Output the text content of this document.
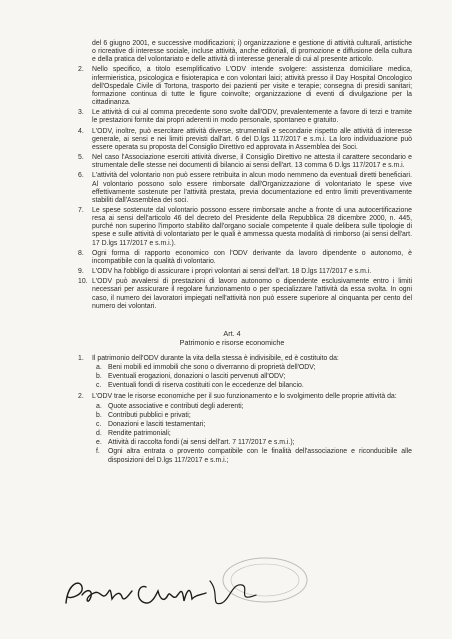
del 6 giugno 2001, e successive modificazioni; i) organizzazione e gestione di attività culturali, artistiche o ricreative di interesse sociale, incluse attività, anche editoriali, di promozione e diffusione della cultura e della pratica del volontariato e delle attività di interesse generale di cui al presente articolo.

2. Nello specifico, a titolo esemplificativo L'ODV intende svolgere: assistenza domiciliare medica, infermieristica, psicologica e fisioterapica e con volontari laici; attività presso il Day Hospital Oncologico dell'Ospedale Civile di Tortona, trasporto dei pazienti per visite e terapie; consegna di presidi sanitari; formazione continua di tutte le figure coinvolte; organizzazione di eventi di divulgazione per la cittadinanza.
3. Le attività di cui al comma precedente sono svolte dall'ODV, prevalentemente a favore di terzi e tramite le prestazioni fornite dai propri aderenti in modo personale, spontaneo e gratuito.
4. L'ODV, inoltre, può esercitare attività diverse, strumentali e secondarie rispetto alle attività di interesse generale, ai sensi e nei limiti previsti dall'art. 6 del D.lgs 117/2017 e s.m.i. La loro individuazione può essere operata su proposta del Consiglio Direttivo ed approvata in Assemblea dei Soci.
5. Nel caso l'Associazione eserciti attività diverse, il Consiglio Direttivo ne attesta il carattere secondario e strumentale delle stesse nei documenti di bilancio ai sensi dell'art. 13 comma 6 D.lgs 117/2017 e s.m.i.
6. L'attività del volontario non può essere retribuita in alcun modo nemmeno da eventuali diretti beneficiari. Al volontario possono solo essere rimborsate dall'Organizzazione di volontariato le spese vive effettivamente sostenute per l'attività prestata, previa documentazione ed entro limiti preventivamente stabiliti dall'Assemblea dei soci.
7. Le spese sostenute dal volontario possono essere rimborsate anche a fronte di una autocertificazione resa ai sensi dell'articolo 46 del decreto del Presidente della Repubblica 28 dicembre 2000, n. 445, purché non superino l'importo stabilito dall'organo sociale competente il quale delibera sulle tipologie di spese e sulle attività di volontariato per le quali è ammessa questa modalità di rimborso (ai sensi dell'art. 17 D.lgs 117/2017 e s.m.i.).
8. Ogni forma di rapporto economico con l'ODV derivante da lavoro dipendente o autonomo, è incompatibile con la qualità di volontario.
9. L'ODV ha l'obbligo di assicurare i propri volontari ai sensi dell'art. 18 D.lgs 117/2017 e s.m.i.
10. L'ODV può avvalersi di prestazioni di lavoro autonomo o dipendente esclusivamente entro i limiti necessari per assicurare il regolare funzionamento o per specializzare l'attività da essa svolta. In ogni caso, il numero dei lavoratori impiegati nell'attività non può essere superiore al cinquanta per cento del numero dei volontari.
Art. 4
Patrimonio e risorse economiche
1. Il patrimonio dell'ODV durante la vita della stessa è indivisibile, ed è costituito da:
a. Beni mobili ed immobili che sono o diverranno di proprietà dell'ODV;
b. Eventuali erogazioni, donazioni o lasciti pervenuti all'ODV;
c. Eventuali fondi di riserva costituiti con le eccedenze del bilancio.
2. L'ODV trae le risorse economiche per il suo funzionamento e lo svolgimento delle proprie attività da:
a. Quote associative e contributi degli aderenti;
b. Contributi pubblici e privati;
c. Donazioni e lasciti testamentari;
d. Rendite patrimoniali;
e. Attività di raccolta fondi (ai sensi dell'art. 7 117/2017 e s.m.i.);
f. Ogni altra entrata o provento compatibile con le finalità dell'associazione e riconducibile alle disposizioni del D.lgs 117/2017 e s.m.i.;
